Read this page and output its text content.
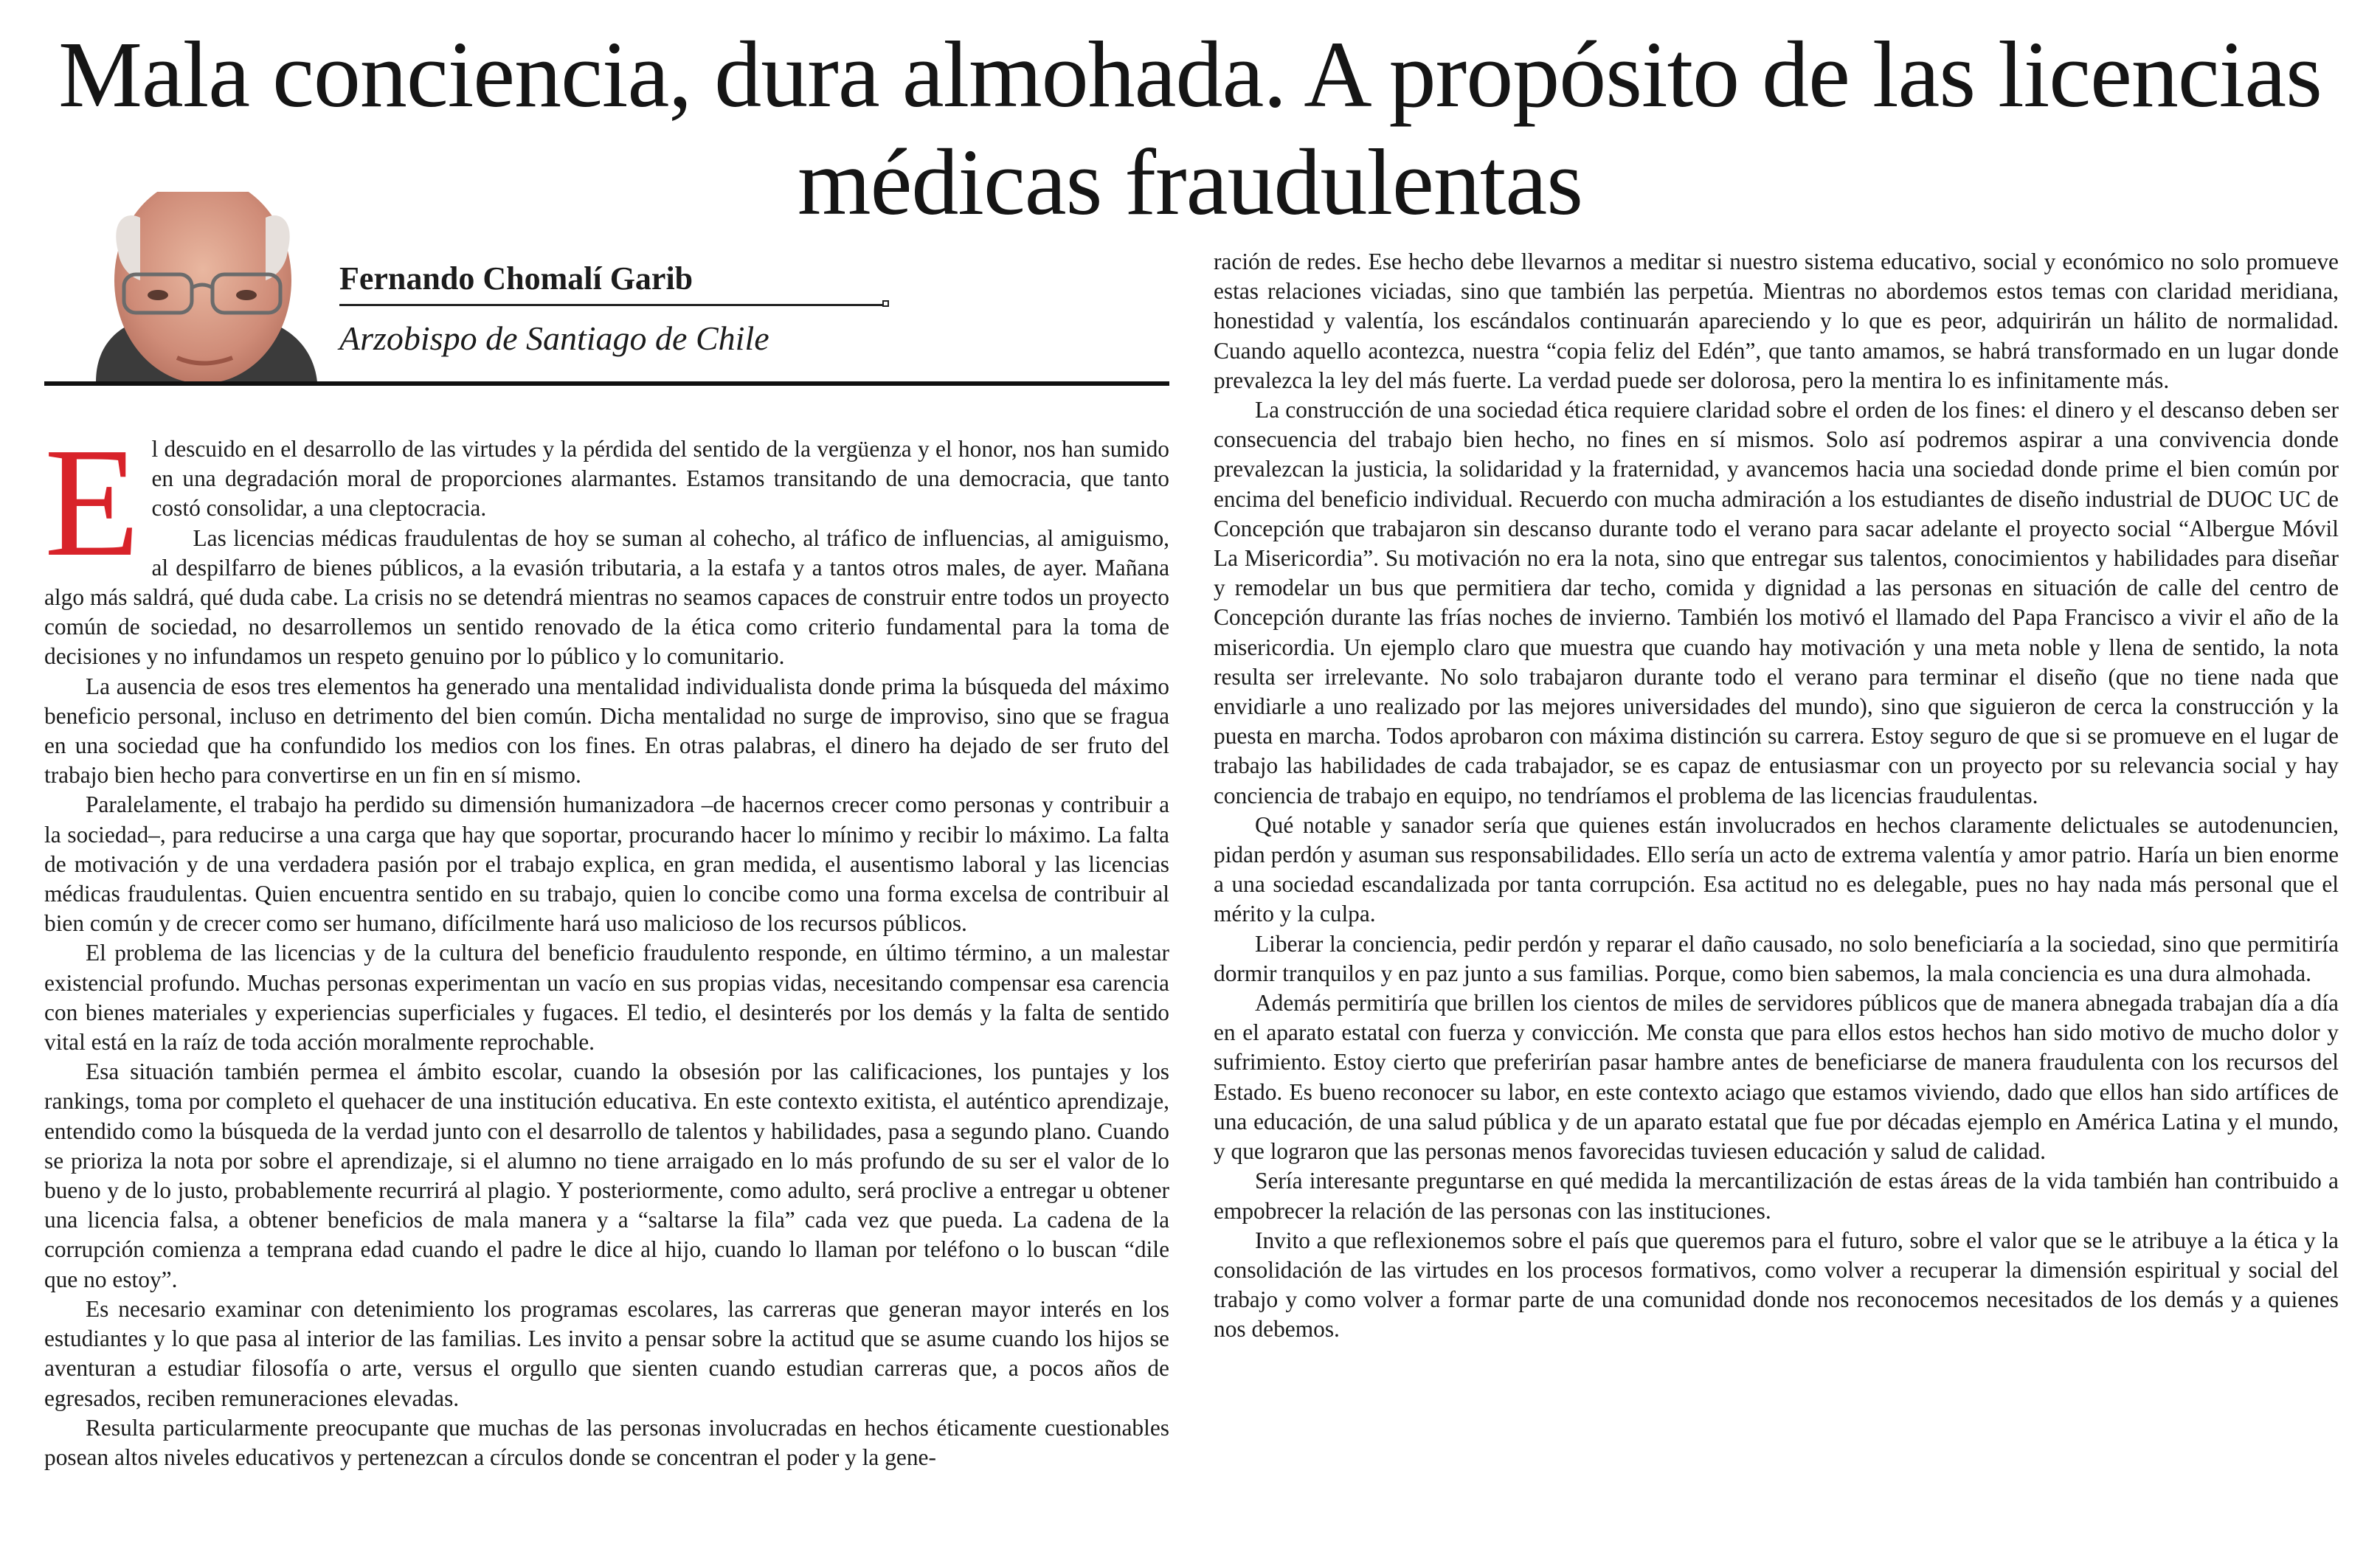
Mala conciencia, dura almohada. A propósito de las licencias médicas fraudulentas
Fernando Chomalí Garib
Arzobispo de Santiago de Chile

El descuido en el desarrollo de las virtudes y la pérdida del sentido de la vergüenza y el honor, nos han sumido en una degradación moral de proporciones alarmantes. Estamos transitando de una democracia, que tanto costó consolidar, a una cleptocracia.

Las licencias médicas fraudulentas de hoy se suman al cohecho, al tráfico de influencias, al amiguismo, al despilfarro de bienes públicos, a la evasión tributaria, a la estafa y a tantos otros males, de ayer. Mañana algo más saldrá, qué duda cabe. La crisis no se detendrá mientras no seamos capaces de construir entre todos un proyecto común de sociedad, no desarrollemos un sentido renovado de la ética como criterio fundamental para la toma de decisiones y no infundamos un respeto genuino por lo público y lo comunitario.

La ausencia de esos tres elementos ha generado una mentalidad individualista donde prima la búsqueda del máximo beneficio personal, incluso en detrimento del bien común. Dicha mentalidad no surge de improviso, sino que se fragua en una sociedad que ha confundido los medios con los fines. En otras palabras, el dinero ha dejado de ser fruto del trabajo bien hecho para convertirse en un fin en sí mismo.

Paralelamente, el trabajo ha perdido su dimensión humanizadora –de hacernos crecer como personas y contribuir a la sociedad–, para reducirse a una carga que hay que soportar, procurando hacer lo mínimo y recibir lo máximo. La falta de motivación y de una verdadera pasión por el trabajo explica, en gran medida, el ausentismo laboral y las licencias médicas fraudulentas. Quien encuentra sentido en su trabajo, quien lo concibe como una forma excelsa de contribuir al bien común y de crecer como ser humano, difícilmente hará uso malicioso de los recursos públicos.

El problema de las licencias y de la cultura del beneficio fraudulento responde, en último término, a un malestar existencial profundo. Muchas personas experimentan un vacío en sus propias vidas, necesitando compensar esa carencia con bienes materiales y experiencias superficiales y fugaces. El tedio, el desinterés por los demás y la falta de sentido vital está en la raíz de toda acción moralmente reprochable.

Esa situación también permea el ámbito escolar, cuando la obsesión por las calificaciones, los puntajes y los rankings, toma por completo el quehacer de una institución educativa. En este contexto exitista, el auténtico aprendizaje, entendido como la búsqueda de la verdad junto con el desarrollo de talentos y habilidades, pasa a segundo plano. Cuando se prioriza la nota por sobre el aprendizaje, si el alumno no tiene arraigado en lo más profundo de su ser el valor de lo bueno y de lo justo, probablemente recurrirá al plagio. Y posteriormente, como adulto, será proclive a entregar u obtener una licencia falsa, a obtener beneficios de mala manera y a “saltarse la fila” cada vez que pueda. La cadena de la corrupción comienza a temprana edad cuando el padre le dice al hijo, cuando lo llaman por teléfono o lo buscan “dile que no estoy”.

Es necesario examinar con detenimiento los programas escolares, las carreras que generan mayor interés en los estudiantes y lo que pasa al interior de las familias. Les invito a pensar sobre la actitud que se asume cuando los hijos se aventuran a estudiar filosofía o arte, versus el orgullo que sienten cuando estudian carreras que, a pocos años de egresados, reciben remuneraciones elevadas.

Resulta particularmente preocupante que muchas de las personas involucradas en hechos éticamente cuestionables posean altos niveles educativos y pertenezcan a círculos donde se concentran el poder y la gene-

ración de redes. Ese hecho debe llevarnos a meditar si nuestro sistema educativo, social y económico no solo promueve estas relaciones viciadas, sino que también las perpetúa. Mientras no abordemos estos temas con claridad meridiana, honestidad y valentía, los escándalos continuarán apareciendo y lo que es peor, adquirirán un hálito de normalidad. Cuando aquello acontezca, nuestra “copia feliz del Edén”, que tanto amamos, se habrá transformado en un lugar donde prevalezca la ley del más fuerte. La verdad puede ser dolorosa, pero la mentira lo es infinitamente más.

La construcción de una sociedad ética requiere claridad sobre el orden de los fines: el dinero y el descanso deben ser consecuencia del trabajo bien hecho, no fines en sí mismos. Solo así podremos aspirar a una convivencia donde prevalezcan la justicia, la solidaridad y la fraternidad, y avancemos hacia una sociedad donde prime el bien común por encima del beneficio individual. Recuerdo con mucha admiración a los estudiantes de diseño industrial de DUOC UC de Concepción que trabajaron sin descanso durante todo el verano para sacar adelante el proyecto social “Albergue Móvil La Misericordia”. Su motivación no era la nota, sino que entregar sus talentos, conocimientos y habilidades para diseñar y remodelar un bus que permitiera dar techo, comida y dignidad a las personas en situación de calle del centro de Concepción durante las frías noches de invierno. También los motivó el llamado del Papa Francisco a vivir el año de la misericordia. Un ejemplo claro que muestra que cuando hay motivación y una meta noble y llena de sentido, la nota resulta ser irrelevante. No solo trabajaron durante todo el verano para terminar el diseño (que no tiene nada que envidiarle a uno realizado por las mejores universidades del mundo), sino que siguieron de cerca la construcción y la puesta en marcha. Todos aprobaron con máxima distinción su carrera. Estoy seguro de que si se promueve en el lugar de trabajo las habilidades de cada trabajador, se es capaz de entusiasmar con un proyecto por su relevancia social y hay conciencia de trabajo en equipo, no tendríamos el problema de las licencias fraudulentas.

Qué notable y sanador sería que quienes están involucrados en hechos claramente delictuales se autodenuncien, pidan perdón y asuman sus responsabilidades. Ello sería un acto de extrema valentía y amor patrio. Haría un bien enorme a una sociedad escandalizada por tanta corrupción. Esa actitud no es delegable, pues no hay nada más personal que el mérito y la culpa.

Liberar la conciencia, pedir perdón y reparar el daño causado, no solo beneficiaría a la sociedad, sino que permitiría dormir tranquilos y en paz junto a sus familias. Porque, como bien sabemos, la mala conciencia es una dura almohada.

Además permitiría que brillen los cientos de miles de servidores públicos que de manera abnegada trabajan día a día en el aparato estatal con fuerza y convicción. Me consta que para ellos estos hechos han sido motivo de mucho dolor y sufrimiento. Estoy cierto que preferirían pasar hambre antes de beneficiarse de manera fraudulenta con los recursos del Estado. Es bueno reconocer su labor, en este contexto aciago que estamos viviendo, dado que ellos han sido artífices de una educación, de una salud pública y de un aparato estatal que fue por décadas ejemplo en América Latina y el mundo, y que lograron que las personas menos favorecidas tuviesen educación y salud de calidad.

Sería interesante preguntarse en qué medida la mercantilización de estas áreas de la vida también han contribuido a empobrecer la relación de las personas con las instituciones.

Invito a que reflexionemos sobre el país que queremos para el futuro, sobre el valor que se le atribuye a la ética y la consolidación de las virtudes en los procesos formativos, como volver a recuperar la dimensión espiritual y social del trabajo y como volver a formar parte de una comunidad donde nos reconocemos necesitados de los demás y a quienes nos debemos.
